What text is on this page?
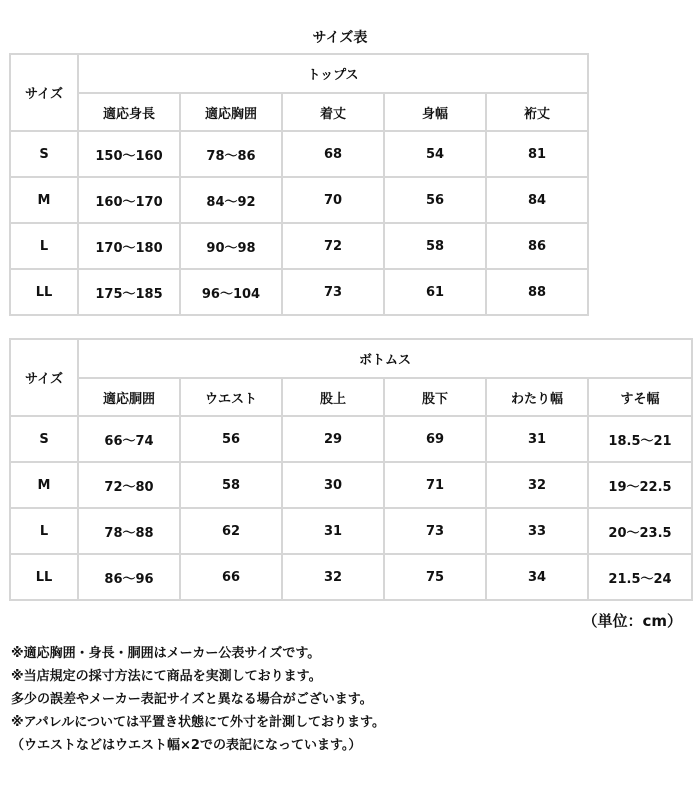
サイズ表
サイズ	トップス				
	適応身長	適応胸囲	着丈	身幅	裄丈
S	150〜160	78〜86	68	54	81
M	160〜170	84〜92	70	56	84
L	170〜180	90〜98	72	58	86
LL	175〜185	96〜104	73	61	88
サイズ	ボトムス					
	適応胴囲	ウエスト	股上	股下	わたり幅	すそ幅
S	66〜74	56	29	69	31	18.5〜21
M	72〜80	58	30	71	32	19〜22.5
L	78〜88	62	31	73	33	20〜23.5
LL	86〜96	66	32	75	34	21.5〜24
（単位：cm）
※適応胸囲・身長・胴囲はメーカー公表サイズです。
※当店規定の採寸方法にて商品を実測しております。
多少の誤差やメーカー表記サイズと異なる場合がございます。
※アパレルについては平置き状態にて外寸を計測しております。
（ウエストなどはウエスト幅×2での表記になっています。）
